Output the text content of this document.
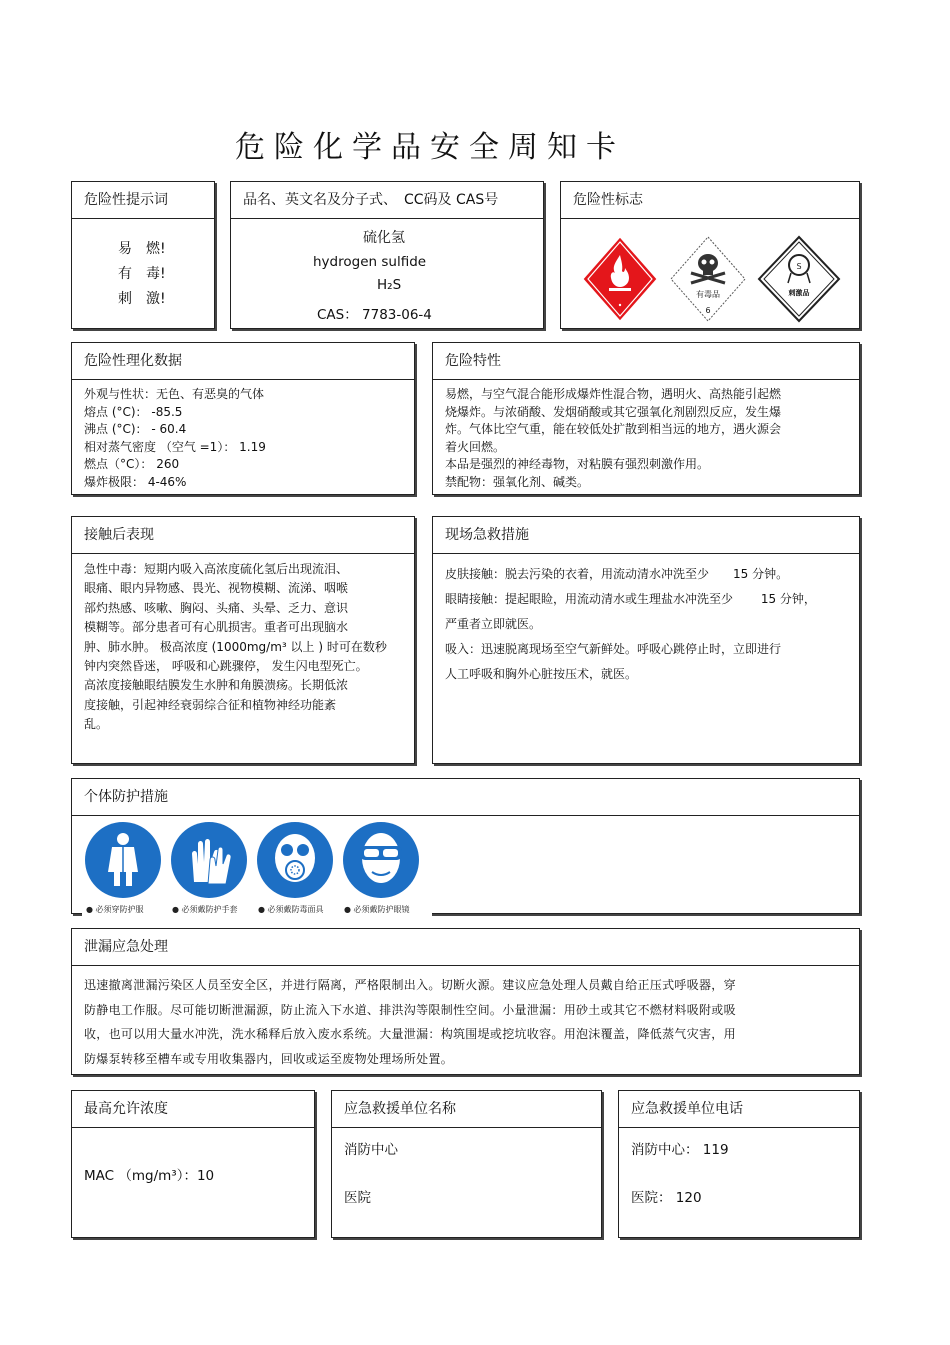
危险化学品安全周知卡
危险性提示词
易　燃!
有　毒!
刺　激!
品名、英文名及分子式、　CC码及 CAS号
硫化氢
hydrogen sulfide
H₂S
CAS： 7783-06-4
危险性标志
有毒品
6
S
刺激品
危险性理化数据
外观与性状：无色、有恶臭的气体
熔点 (°C)： -85.5
沸点 (°C)： - 60.4
相对蒸气密度 （空气 =1）： 1.19
燃点（°C）： 260
爆炸极限： 4-46%
危险特性
易燃，与空气混合能形成爆炸性混合物，遇明火、高热能引起燃
烧爆炸。与浓硝酸、发烟硝酸或其它强氧化剂剧烈反应，发生爆
炸。气体比空气重，能在较低处扩散到相当远的地方，遇火源会
着火回燃。
本品是强烈的神经毒物，对粘膜有强烈刺激作用。
禁配物：强氧化剂、碱类。
接触后表现
急性中毒：短期内吸入高浓度硫化氢后出现流泪、
眼痛、眼内异物感、畏光、视物模糊、流涕、咽喉
部灼热感、咳嗽、胸闷、头痛、头晕、乏力、意识
模糊等。部分患者可有心肌损害。重者可出现脑水
肿、肺水肿。 极高浓度 (1000mg/m³ 以上 ) 时可在数秒
钟内突然昏迷， 呼吸和心跳骤停， 发生闪电型死亡。
高浓度接触眼结膜发生水肿和角膜溃疡。长期低浓
度接触，引起神经衰弱综合征和植物神经功能紊
乱。
现场急救措施
皮肤接触：脱去污染的衣着，用流动清水冲洗至少　　15 分钟。
眼睛接触：提起眼睑，用流动清水或生理盐水冲洗至少　　 15 分钟，
严重者立即就医。
吸入：迅速脱离现场至空气新鲜处。呼吸心跳停止时，立即进行
人工呼吸和胸外心脏按压术，就医。
个体防护措施
● 必须穿防护服	● 必须戴防护手套	● 必须戴防毒面具	● 必须戴防护眼镜
泄漏应急处理
迅速撤离泄漏污染区人员至安全区，并进行隔离，严格限制出入。切断火源。建议应急处理人员戴自给正压式呼吸器，穿
防静电工作服。尽可能切断泄漏源，防止流入下水道、排洪沟等限制性空间。小量泄漏：用砂土或其它不燃材料吸附或吸
收，也可以用大量水冲洗，洗水稀释后放入废水系统。大量泄漏：构筑围堤或挖坑收容。用泡沫覆盖，降低蒸气灾害，用
防爆泵转移至槽车或专用收集器内，回收或运至废物处理场所处置。
最高允许浓度
MAC （mg/m³）：10
应急救援单位名称
消防中心
医院
应急救援单位电话
消防中心： 119
医院： 120
